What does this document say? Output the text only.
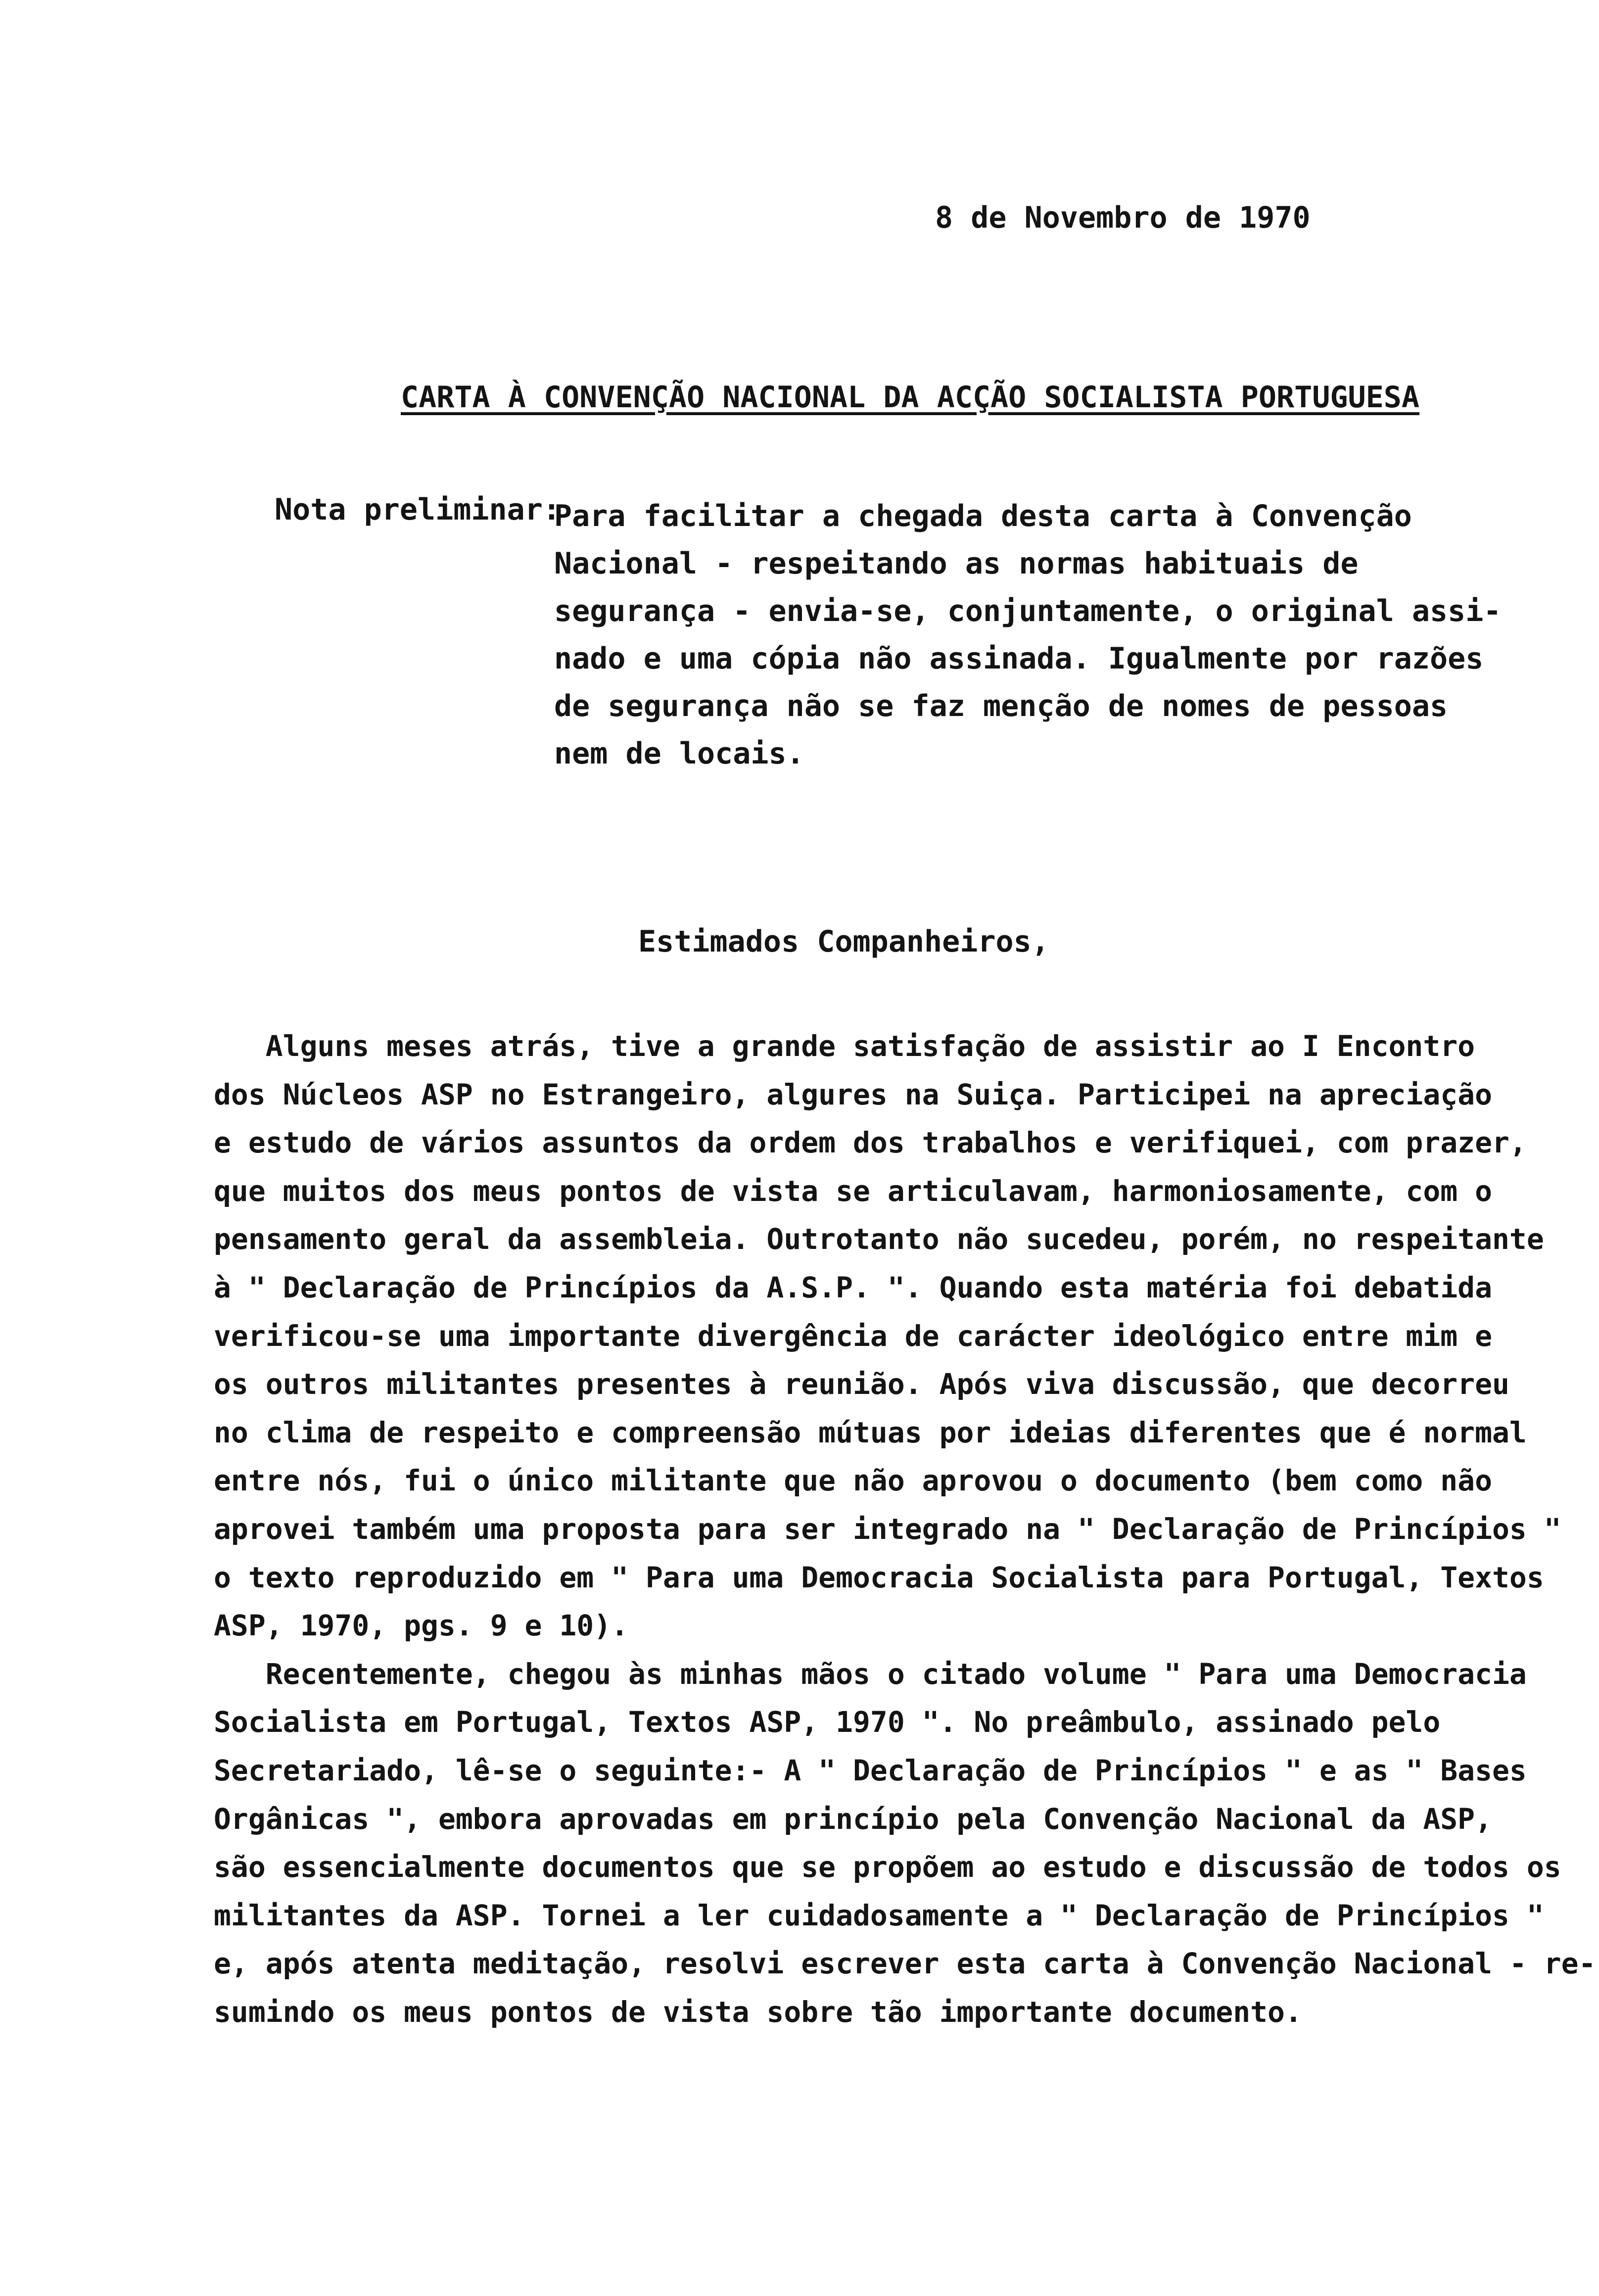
8 de Novembro de 1970
CARTA À CONVENÇÃO NACIONAL DA ACÇÃO SOCIALISTA PORTUGUESA
Nota preliminar:
Para facilitar a chegada desta carta à Convenção
Nacional - respeitando as normas habituais de
segurança - envia-se, conjuntamente, o original assi-
nado e uma cópia não assinada. Igualmente por razões
de segurança não se faz menção de nomes de pessoas
nem de locais.
Estimados Companheiros,
Alguns meses atrás, tive a grande satisfação de assistir ao I Encontro
dos Núcleos ASP no Estrangeiro, algures na Suiça. Participei na apreciação
e estudo de vários assuntos da ordem dos trabalhos e verifiquei, com prazer,
que muitos dos meus pontos de vista se articulavam, harmoniosamente, com o
pensamento geral da assembleia. Outrotanto não sucedeu, porém, no respeitante
à " Declaração de Princípios da A.S.P. ". Quando esta matéria foi debatida
verificou-se uma importante divergência de carácter ideológico entre mim e
os outros militantes presentes à reunião. Após viva discussão, que decorreu
no clima de respeito e compreensão mútuas por ideias diferentes que é normal
entre nós, fui o único militante que não aprovou o documento (bem como não
aprovei também uma proposta para ser integrado na " Declaração de Princípios "
o texto reproduzido em " Para uma Democracia Socialista para Portugal, Textos
ASP, 1970, pgs. 9 e 10).
Recentemente, chegou às minhas mãos o citado volume " Para uma Democracia
Socialista em Portugal, Textos ASP, 1970 ". No preâmbulo, assinado pelo
Secretariado, lê-se o seguinte:- A " Declaração de Princípios " e as " Bases
Orgânicas ", embora aprovadas em princípio pela Convenção Nacional da ASP,
são essencialmente documentos que se propõem ao estudo e discussão de todos os
militantes da ASP. Tornei a ler cuidadosamente a " Declaração de Princípios "
e, após atenta meditação, resolvi escrever esta carta à Convenção Nacional - re-
sumindo os meus pontos de vista sobre tão importante documento.
